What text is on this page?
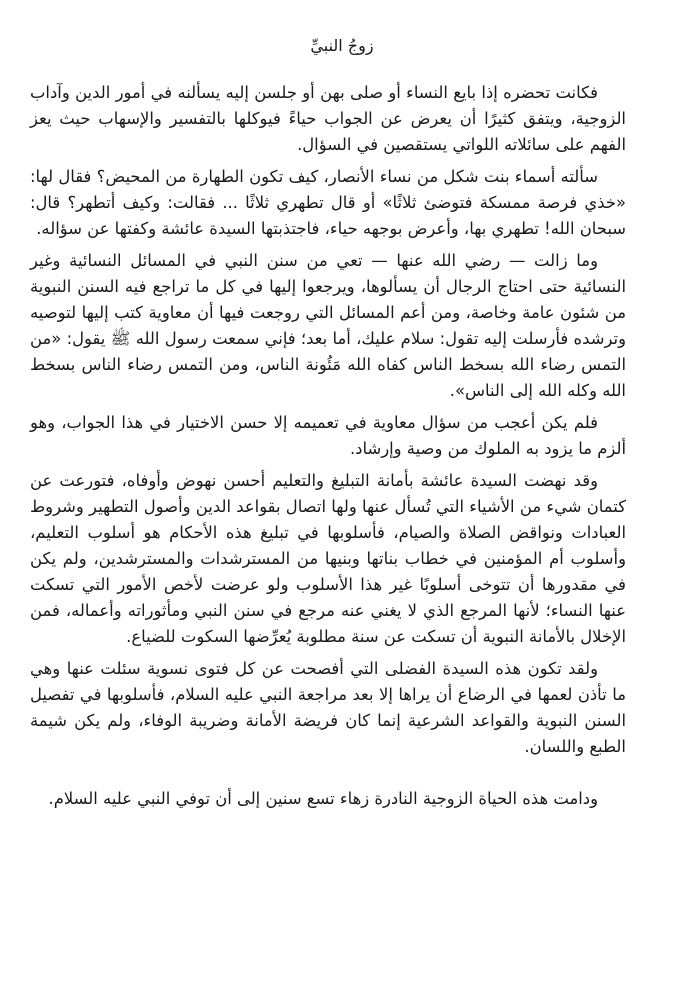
زوجُ النبيِّ

فكانت تحضره إذا بايع النساء أو صلى بهن أو جلسن إليه يسألنه في أمور الدين وآداب الزوجية، ويتفق كثيرًا أن يعرض عن الجواب حياءً فيوكلها بالتفسير والإسهاب حيث يعز الفهم على سائلاته اللواتي يستقصين في السؤال.

سألته أسماء بنت شكل من نساء الأنصار، كيف تكون الطهارة من المحيض؟ فقال لها: «خذي فرصة ممسكة فتوضئ ثلاثًا» أو قال تطهري ثلاثًا ... فقالت: وكيف أتطهر؟ قال: سبحان الله! تطهري بها، وأعرض بوجهه حياء، فاجتذبتها السيدة عائشة وكفتها عن سؤاله.

وما زالت — رضي الله عنها — تعي من سنن النبي في المسائل النسائية وغير النسائية حتى احتاج الرجال أن يسألوها، ويرجعوا إليها في كل ما تراجع فيه السنن النبوية من شئون عامة وخاصة، ومن أعم المسائل التي روجعت فيها أن معاوية كتب إليها لتوصيه وترشده فأرسلت إليه تقول: سلام عليك، أما بعد؛ فإني سمعت رسول الله ﷺ يقول: «من التمس رضاء الله بسخط الناس كفاه الله مَئُونة الناس، ومن التمس رضاء الناس بسخط الله وكله الله إلى الناس».

فلم يكن أعجب من سؤال معاوية في تعميمه إلا حسن الاختيار في هذا الجواب، وهو ألزم ما يزود به الملوك من وصية وإرشاد.

وقد نهضت السيدة عائشة بأمانة التبليغ والتعليم أحسن نهوض وأوفاه، فتورعت عن كتمان شيء من الأشياء التي تُسأل عنها ولها اتصال بقواعد الدين وأصول التطهير وشروط العبادات ونواقض الصلاة والصيام، فأسلوبها في تبليغ هذه الأحكام هو أسلوب التعليم، وأسلوب أم المؤمنين في خطاب بناتها وبنيها من المسترشدات والمسترشدين، ولم يكن في مقدورها أن تتوخى أسلوبًا غير هذا الأسلوب ولو عرضت لأخص الأمور التي تسكت عنها النساء؛ لأنها المرجع الذي لا يغني عنه مرجع في سنن النبي ومأثوراته وأعماله، فمن الإخلال بالأمانة النبوية أن تسكت عن سنة مطلوبة يُعرِّضها السكوت للضياع.

ولقد تكون هذه السيدة الفضلى التي أفصحت عن كل فتوى نسوية سئلت عنها وهي ما تأذن لعمها في الرضاع أن يراها إلا بعد مراجعة النبي عليه السلام، فأسلوبها في تفصيل السنن النبوية والقواعد الشرعية إنما كان فريضة الأمانة وضريبة الوفاء، ولم يكن شيمة الطبع واللسان.

ودامت هذه الحياة الزوجية النادرة زهاء تسع سنين إلى أن توفي النبي عليه السلام.
